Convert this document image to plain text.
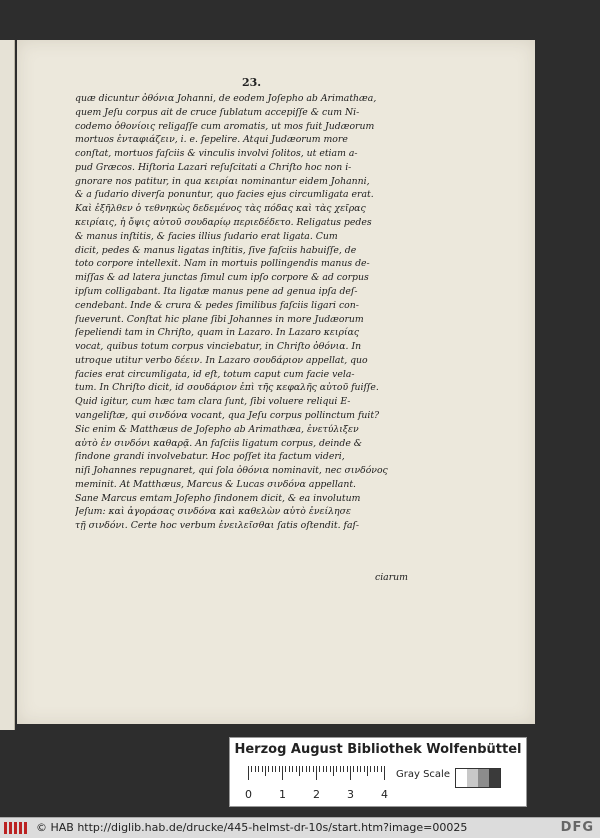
23.
quæ dicuntur ὀθόνια Johanni, de eodem Joſepho ab Arimathæa,
quem Jeſu corpus ait de cruce ſublatum accepiſſe & cum Ni-
codemo ὀθονίοις religaſſe cum aromatis, ut mos fuit Judæorum
mortuos ἐνταφιάζειν, i. e. ſepelire. Atqui Judæorum more
conſtat, mortuos faſciis & vinculis involvi ſolitos, ut etiam a-
pud Græcos. Hiſtoria Lazari reſuſcitati a Chriſto hoc non i-
gnorare nos patitur, in qua κειρίαι nominantur eidem Johanni,
& a ſudario diverſa ponuntur, quo facies ejus circumligata erat.
Καὶ ἐξῆλθεν ὁ τεθνηκὼς δεδεμένος τὰς πόδας καὶ τὰς χεῖρας
κειρίαις, ἡ ὄψις αὐτοῦ σουδαρίῳ περιεδέδετο. Religatus pedes
& manus inſtitis, & facies illius ſudario erat ligata. Cum
dicit, pedes & manus ligatas inſtitis, ſive faſciis habuiſſe, de
toto corpore intellexit. Nam in mortuis pollingendis manus de-
miſſas & ad latera junctas ſimul cum ipſo corpore & ad corpus
ipſum colligabant. Ita ligatæ manus pene ad genua ipſa deſ-
cendebant. Inde & crura & pedes ſimilibus faſciis ligari con-
ſueverunt. Conſtat hic plane ſibi Johannes in more Judæorum
ſepeliendi tam in Chriſto, quam in Lazaro. In Lazaro κειρίας
vocat, quibus totum corpus vinciebatur, in Chriſto ὀθόνια. In
utroque utitur verbo δέειν. In Lazaro σουδάριον appellat, quo
facies erat circumligata, id eſt, totum caput cum facie vela-
tum. In Chriſto dicit, id σουδάριον ἐπὶ τῆς κεφαλῆς αὐτοῦ fuiſſe.
Quid igitur, cum hæc tam clara ſunt, ſibi voluere reliqui E-
vangeliſtæ, qui σινδόνα vocant, qua Jeſu corpus pollinctum fuit?
Sic enim & Matthæus de Joſepho ab Arimathæa, ἐνετύλιξεν
αὐτὸ ἐν σινδόνι καθαρᾷ. An faſciis ligatum corpus, deinde &
ſindone grandi involvebatur. Hoc poſſet ita factum videri,
niſi Johannes repugnaret, qui ſola ὀθόνια nominavit, nec σινδόνος
meminit. At Matthæus, Marcus & Lucas σινδόνα appellant.
Sane Marcus emtam Joſepho ſindonem dicit, & ea involutum
Jeſum: καὶ ἀγοράσας σινδόνα καὶ καθελὼν αὐτὸ ἐνείλησε
τῇ σινδόνι. Certe hoc verbum ἐνειλεῖσθαι ſatis oſtendit. faſ-
ciarum
Herzog August Bibliothek Wolfenbüttel
Gray Scale
0 1 2 3 4
© HAB http://diglib.hab.de/drucke/445-helmst-dr-10s/start.htm?image=00025	DFG
